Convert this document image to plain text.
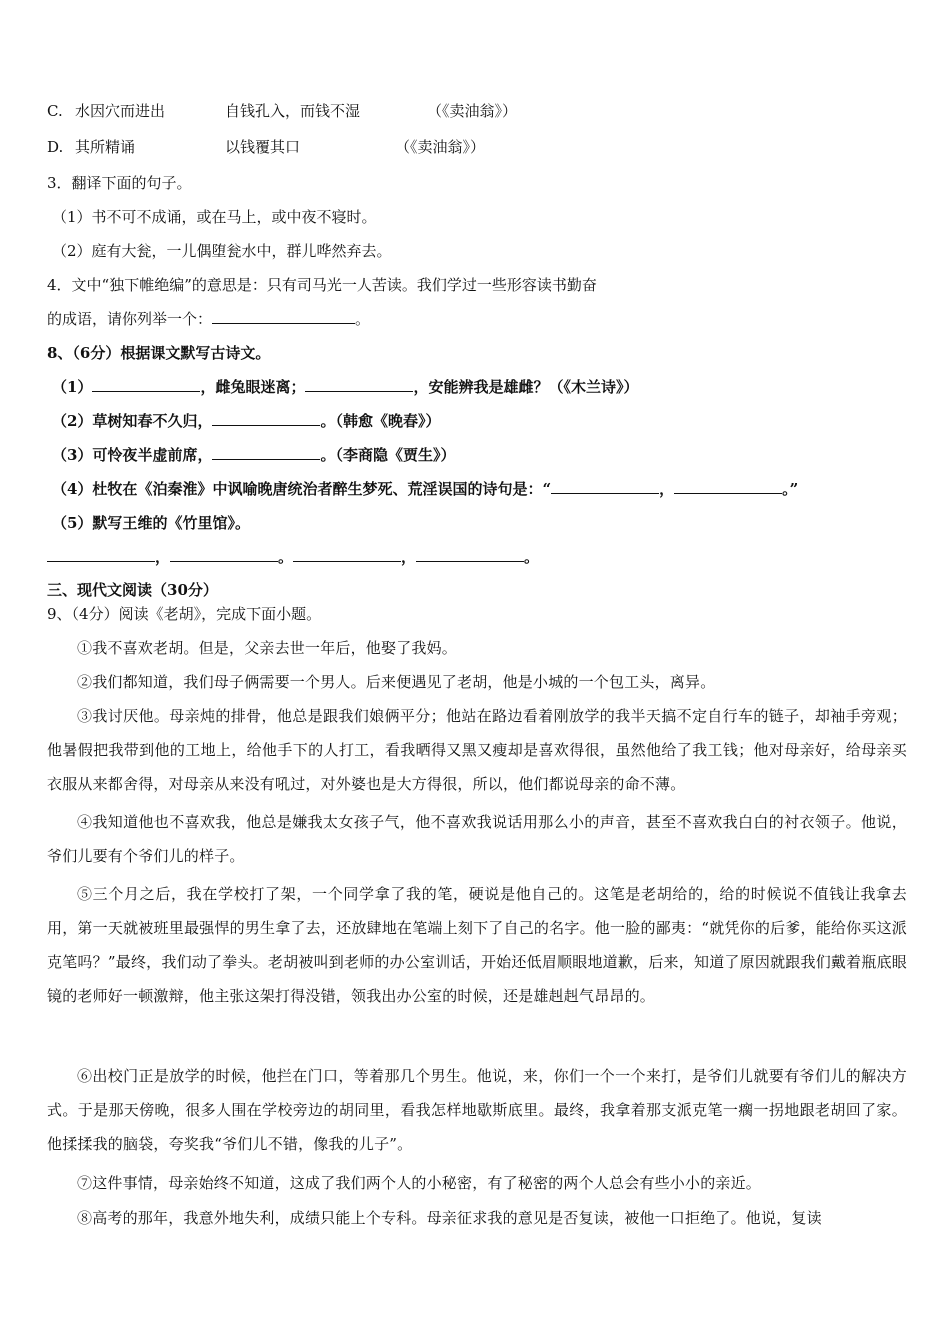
C. 水因穴而进出	自钱孔入，而钱不湿	（《卖油翁》）
D. 其所精诵	以钱覆其口	（《卖油翁》）
3．翻译下面的句子。
（1）书不可不成诵，或在马上，或中夜不寝时。
（2）庭有大瓮，一儿偶堕瓮水中，群儿哗然弃去。
4．文中“独下帷绝编”的意思是：只有司马光一人苦读。我们学过一些形容读书勤奋
的成语，请你列举一个：	。
8、（6分）根据课文默写古诗文。
（1）	，雌兔眼迷离；	，安能辨我是雄雌？（《木兰诗》）
（2）草树知春不久归，	。（韩愈《晚春》）
（3）可怜夜半虚前席，	。（李商隐《贾生》）
（4）杜牧在《泊秦淮》中讽喻晚唐统治者醉生梦死、荒淫误国的诗句是：“	，	。”
（5）默写王维的《竹里馆》。
，	。	，	。
三、现代文阅读（30分）
9、（4分）阅读《老胡》，完成下面小题。
①我不喜欢老胡。但是，父亲去世一年后，他娶了我妈。
②我们都知道，我们母子俩需要一个男人。后来便遇见了老胡，他是小城的一个包工头，离异。
③我讨厌他。母亲炖的排骨，他总是跟我们娘俩平分；他站在路边看着刚放学的我半天搞不定自行车的链子，却袖手旁观；他暑假把我带到他的工地上，给他手下的人打工，看我晒得又黑又瘦却是喜欢得很，虽然他给了我工钱；他对母亲好，给母亲买衣服从来都舍得，对母亲从来没有吼过，对外婆也是大方得很，所以，他们都说母亲的命不薄。
④我知道他也不喜欢我，他总是嫌我太女孩子气，他不喜欢我说话用那么小的声音，甚至不喜欢我白白的衬衣领子。他说，爷们儿要有个爷们儿的样子。
⑤三个月之后，我在学校打了架，一个同学拿了我的笔，硬说是他自己的。这笔是老胡给的，给的时候说不值钱让我拿去用，第一天就被班里最强悍的男生拿了去，还放肆地在笔端上刻下了自己的名字。他一脸的鄙夷：“就凭你的后爹，能给你买这派克笔吗？”最终，我们动了拳头。老胡被叫到老师的办公室训话，开始还低眉顺眼地道歉，后来，知道了原因就跟我们戴着瓶底眼镜的老师好一顿激辩，他主张这架打得没错，领我出办公室的时候，还是雄赳赳气昂昂的。
⑥出校门正是放学的时候，他拦在门口，等着那几个男生。他说，来，你们一个一个来打，是爷们儿就要有爷们儿的解决方式。于是那天傍晚，很多人围在学校旁边的胡同里，看我怎样地歇斯底里。最终，我拿着那支派克笔一瘸一拐地跟老胡回了家。他揉揉我的脑袋，夸奖我“爷们儿不错，像我的儿子”。
⑦这件事情，母亲始终不知道，这成了我们两个人的小秘密，有了秘密的两个人总会有些小小的亲近。
⑧高考的那年，我意外地失利，成绩只能上个专科。母亲征求我的意见是否复读，被他一口拒绝了。他说，复读
